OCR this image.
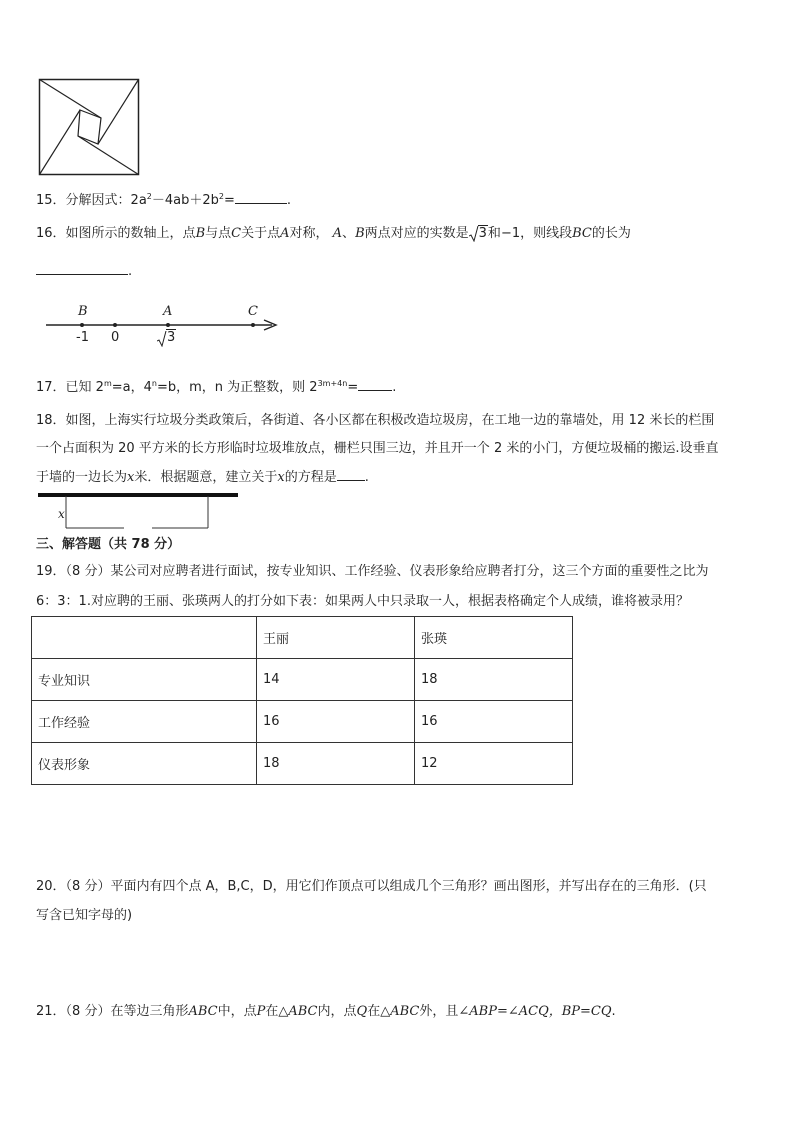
15．分解因式：$2a^2-4ab+2b^2=$	.
16．如图所示的数轴上，点B与点C关于点A对称， A、B两点对应的实数是 3和−1，则线段BC的长为
.
B	A	C
-1 0	3
17．已知 $2^m=a$，$4^n=b$，m，n 为正整数，则 $2^{3m+4n}=$	.
18．如图，上海实行垃圾分类政策后，各街道、各小区都在积极改造垃圾房，在工地一边的靠墙处，用 12 米长的栏围
一个占面积为 20 平方米的长方形临时垃圾堆放点，栅栏只围三边，并且开一个 2 米的小门，方便垃圾桶的搬运.设垂直
于墙的一边长为x米．根据题意，建立关于x的方程是 .
x
三、解答题（共 78 分）
19．（8 分）某公司对应聘者进行面试，按专业知识、工作经验、仪表形象给应聘者打分，这三个方面的重要性之比为
6：3：1.对应聘的王丽、张瑛两人的打分如下表：如果两人中只录取一人，根据表格确定个人成绩，谁将被录用？
	王丽	张瑛
专业知识	14	18
工作经验	16	16
仪表形象	18	12
20．（8 分）平面内有四个点 A，B,C，D，用它们作顶点可以组成几个三角形？画出图形，并写出存在的三角形．(只
写含已知字母的)
21．（8 分）在等边三角形ABC中，点P在△ABC内，点Q在△ABC外，且∠ABP=∠ACQ，BP=CQ.
